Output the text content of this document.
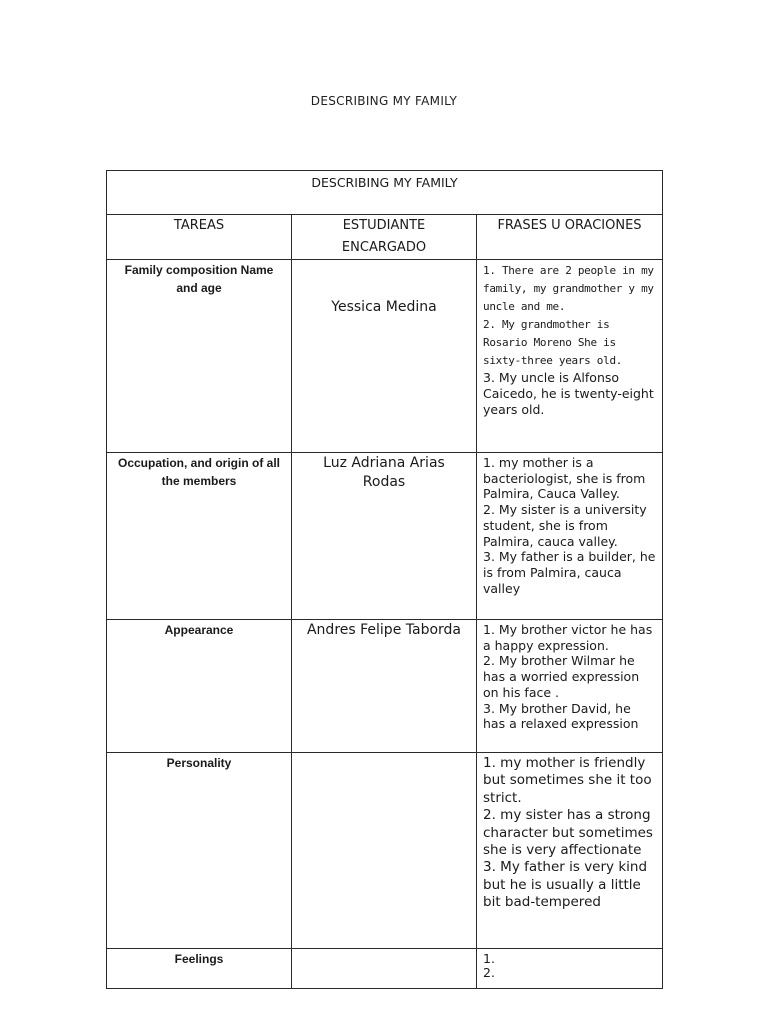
DESCRIBING MY FAMILY
DESCRIBING MY FAMILY		
TAREAS	ESTUDIANTE ENCARGADO	FRASES U ORACIONES
Family composition Name and age	Yessica Medina	1. There are 2 people in my family, my grandmother y my uncle and me.
2. My grandmother is Rosario Moreno She is sixty-three years old.
3. My uncle is Alfonso Caicedo, he is twenty-eight years old.

Occupation, and origin of all the members	Luz Adriana Arias Rodas	1. my mother is a bacteriologist, she is from Palmira, Cauca Valley.
2. My sister is a university student, she is from Palmira, cauca valley.
3. My father is a builder, he is from Palmira, cauca valley

Appearance	Andres Felipe Taborda	1. My brother victor he has a happy expression.
2. My brother Wilmar he has a worried expression on his face .
3. My brother David, he has a relaxed expression

Personality		1. my mother is friendly but sometimes she it too strict.
2. my sister has a strong character but sometimes she is very affectionate
3. My father is very kind but he is usually a little bit bad-tempered

Feelings		1.
2.
